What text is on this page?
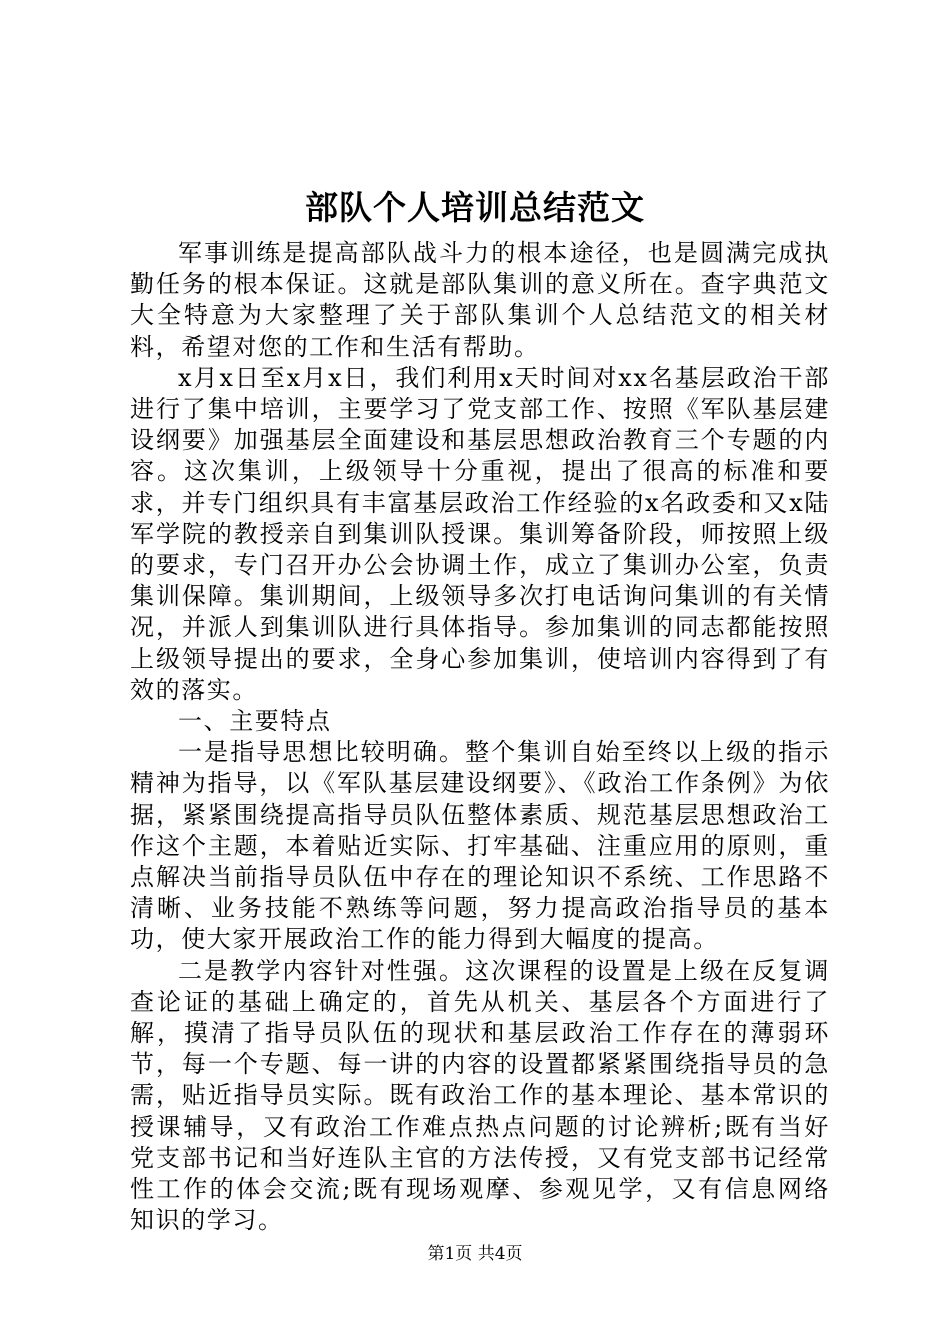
部队个人培训总结范文

军事训练是提高部队战斗力的根本途径，也是圆满完成执勤任务的根本保证。这就是部队集训的意义所在。查字典范文大全特意为大家整理了关于部队集训个人总结范文的相关材料，希望对您的工作和生活有帮助。

x月x日至x月x日，我们利用x天时间对xx名基层政治干部进行了集中培训，主要学习了党支部工作、按照《军队基层建设纲要》加强基层全面建设和基层思想政治教育三个专题的内容。这次集训，上级领导十分重视，提出了很高的标准和要求，并专门组织具有丰富基层政治工作经验的x名政委和又x陆军学院的教授亲自到集训队授课。集训筹备阶段，师按照上级的要求，专门召开办公会协调土作，成立了集训办公室，负责集训保障。集训期间，上级领导多次打电话询问集训的有关情况，并派人到集训队进行具体指导。参加集训的同志都能按照上级领导提出的要求，全身心参加集训，使培训内容得到了有效的落实。

一、主要特点

一是指导思想比较明确。整个集训自始至终以上级的指示精神为指导，以《军队基层建设纲要》、《政治工作条例》为依据，紧紧围绕提高指导员队伍整体素质、规范基层思想政治工作这个主题，本着贴近实际、打牢基础、注重应用的原则，重点解决当前指导员队伍中存在的理论知识不系统、工作思路不清晰、业务技能不熟练等问题，努力提高政治指导员的基本功，使大家开展政治工作的能力得到大幅度的提高。

二是教学内容针对性强。这次课程的设置是上级在反复调查论证的基础上确定的，首先从机关、基层各个方面进行了解，摸清了指导员队伍的现状和基层政治工作存在的薄弱环节，每一个专题、每一讲的内容的设置都紧紧围绕指导员的急需，贴近指导员实际。既有政治工作的基本理论、基本常识的授课辅导，又有政治工作难点热点问题的讨论辨析;既有当好党支部书记和当好连队主官的方法传授，又有党支部书记经常性工作的体会交流;既有现场观摩、参观见学，又有信息网络知识的学习。

第1页 共4页
